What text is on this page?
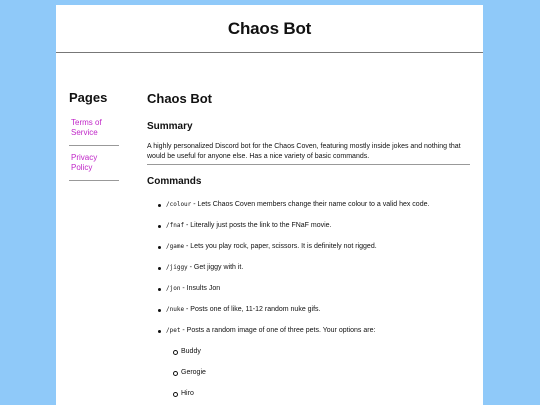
Chaos Bot
Pages
Terms of Service
Privacy Policy
Chaos Bot
Summary

A highly personalized Discord bot for the Chaos Coven, featuring mostly inside jokes and nothing that would be useful for anyone else. Has a nice variety of basic commands.

Commands
/colour - Lets Chaos Coven members change their name colour to a valid hex code.
/fnaf - Literally just posts the link to the FNaF movie.
/game - Lets you play rock, paper, scissors. It is definitely not rigged.
/jiggy - Get jiggy with it.
/jon - Insults Jon
/nuke - Posts one of like, 11-12 random nuke gifs.
/pet - Posts a random image of one of three pets. Your options are:
Buddy
Gerogie
Hiro
